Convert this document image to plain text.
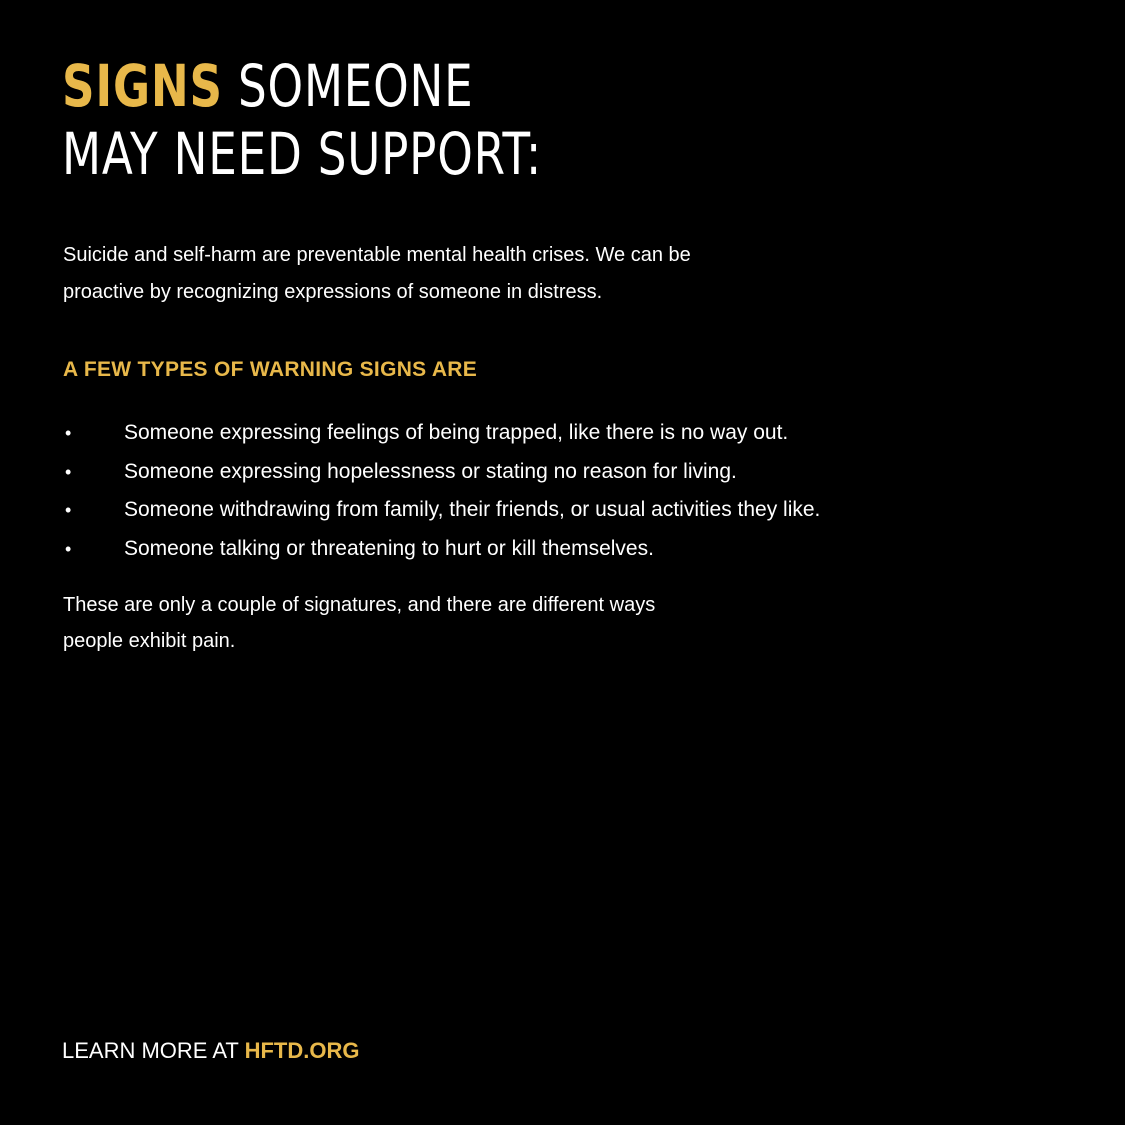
SIGNS SOMEONE
MAY NEED SUPPORT:

Suicide and self-harm are preventable mental health crises. We can be
proactive by recognizing expressions of someone in distress.

A FEW TYPES OF WARNING SIGNS ARE
•	Someone expressing feelings of being trapped, like there is no way out.
•	Someone expressing hopelessness or stating no reason for living.
•	Someone withdrawing from family, their friends, or usual activities they like.
•	Someone talking or threatening to hurt or kill themselves.

These are only a couple of signatures, and there are different ways
people exhibit pain.

LEARN MORE AT HFTD.ORG
